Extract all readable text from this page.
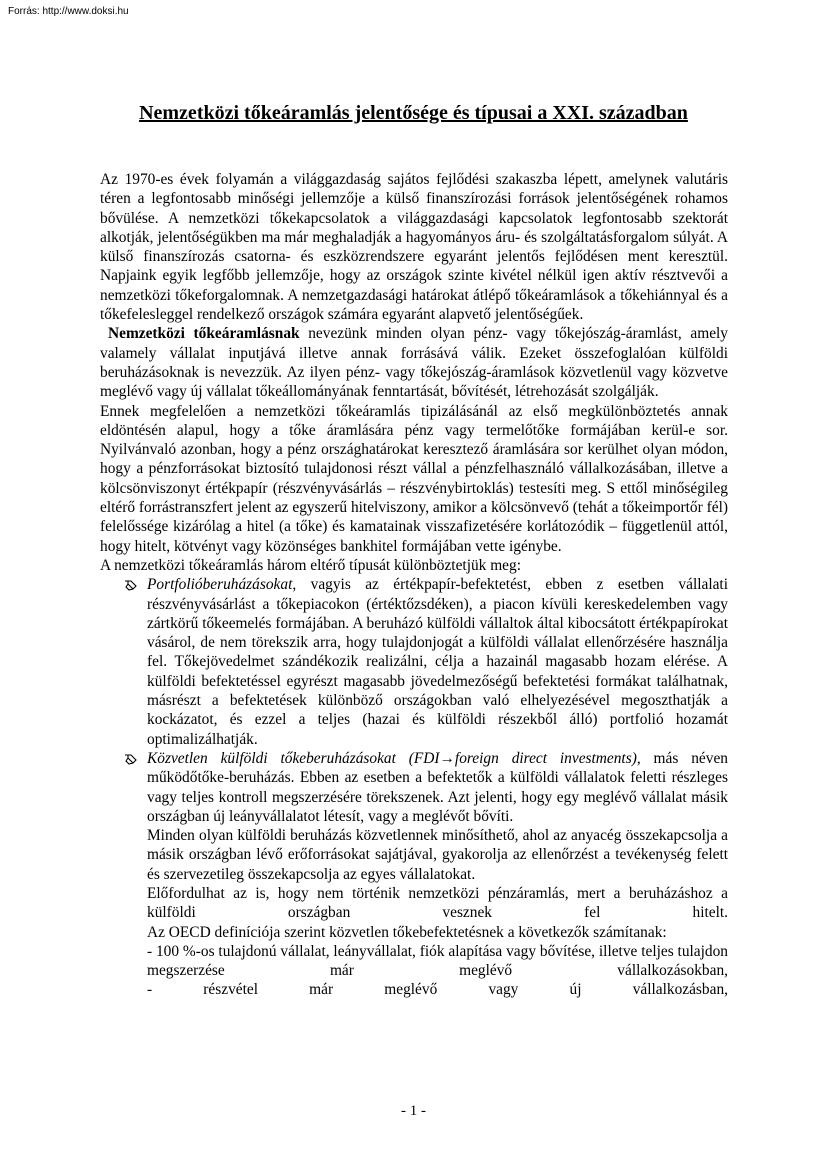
Forrás: http://www.doksi.hu
Nemzetközi tőkeáramlás jelentősége és típusai a XXI. században

Az 1970-es évek folyamán a világgazdaság sajátos fejlődési szakaszba lépett, amelynek valutáris téren a legfontosabb minőségi jellemzője a külső finanszírozási források jelentőségének rohamos bővülése. A nemzetközi tőkekapcsolatok a világgazdasági kapcsolatok legfontosabb szektorát alkotják, jelentőségükben ma már meghaladják a hagyományos áru- és szolgáltatásforgalom súlyát. A külső finanszírozás csatorna- és eszközrendszere egyaránt jelentős fejlődésen ment keresztül. Napjaink egyik legfőbb jellemzője, hogy az országok szinte kivétel nélkül igen aktív résztvevői a nemzetközi tőkeforgalomnak. A nemzetgazdasági határokat átlépő tőkeáramlások a tőkehiánnyal és a tőkefelesleggel rendelkező országok számára egyaránt alapvető jelentőségűek.

Nemzetközi tőkeáramlásnak nevezünk minden olyan pénz- vagy tőkejószág-áramlást, amely valamely vállalat inputjává illetve annak forrásává válik. Ezeket összefoglalóan külföldi beruházásoknak is nevezzük. Az ilyen pénz- vagy tőkejószág-áramlások közvetlenül vagy közvetve meglévő vagy új vállalat tőkeállományának fenntartását, bővítését, létrehozását szolgálják.

Ennek megfelelően a nemzetközi tőkeáramlás tipizálásánál az első megkülönböztetés annak eldöntésén alapul, hogy a tőke áramlására pénz vagy termelőtőke formájában kerül-e sor. Nyilvánvaló azonban, hogy a pénz országhatárokat keresztező áramlására sor kerülhet olyan módon, hogy a pénzforrásokat biztosító tulajdonosi részt vállal a pénzfelhasználó vállalkozásában, illetve a kölcsönviszonyt értékpapír (részvényvásárlás – részvénybirtoklás) testesíti meg. S ettől minőségileg eltérő forrástranszfert jelent az egyszerű hitelviszony, amikor a kölcsönvevő (tehát a tőkeimportőr fél) felelőssége kizárólag a hitel (a tőke) és kamatainak visszafizetésére korlátozódik – függetlenül attól, hogy hitelt, kötvényt vagy közönséges bankhitel formájában vette igénybe.

A nemzetközi tőkeáramlás három eltérő típusát különböztetjük meg:

Portfolióberuházásokat, vagyis az értékpapír-befektetést, ebben z esetben vállalati részvényvásárlást a tőkepiacokon (értéktőzsdéken), a piacon kívüli kereskedelemben vagy zártkörű tőkeemelés formájában. A beruházó külföldi vállaltok által kibocsátott értékpapírokat vásárol, de nem törekszik arra, hogy tulajdonjogát a külföldi vállalat ellenőrzésére használja fel. Tőkejövedelmet szándékozik realizálni, célja a hazainál magasabb hozam elérése. A külföldi befektetéssel egyrészt magasabb jövedelmezőségű befektetési formákat találhatnak, másrészt a befektetések különböző országokban való elhelyezésével megoszthatják a kockázatot, és ezzel a teljes (hazai és külföldi részekből álló) portfolió hozamát optimalizálhatják.
Közvetlen külföldi tőkeberuházásokat (FDI→foreign direct investments), más néven működőtőke-beruházás. Ebben az esetben a befektetők a külföldi vállalatok feletti részleges vagy teljes kontroll megszerzésére törekszenek. Azt jelenti, hogy egy meglévő vállalat másik országban új leányvállalatot létesít, vagy a meglévőt bővíti.

Minden olyan külföldi beruházás közvetlennek minősíthető, ahol az anyacég összekapcsolja a másik országban lévő erőforrásokat sajátjával, gyakorolja az ellenőrzést a tevékenység felett és szervezetileg összekapcsolja az egyes vállalatokat.

Előfordulhat az is, hogy nem történik nemzetközi pénzáramlás, mert a beruházáshoz a külföldi országban vesznek fel hitelt.

Az OECD definíciója szerint közvetlen tőkebefektetésnek a következők számítanak:

- 100 %-os tulajdonú vállalat, leányvállalat, fiók alapítása vagy bővítése, illetve teljes tulajdon megszerzése már meglévő vállalkozásokban,

- részvétel már meglévő vagy új vállalkozásban,

- 1 -
